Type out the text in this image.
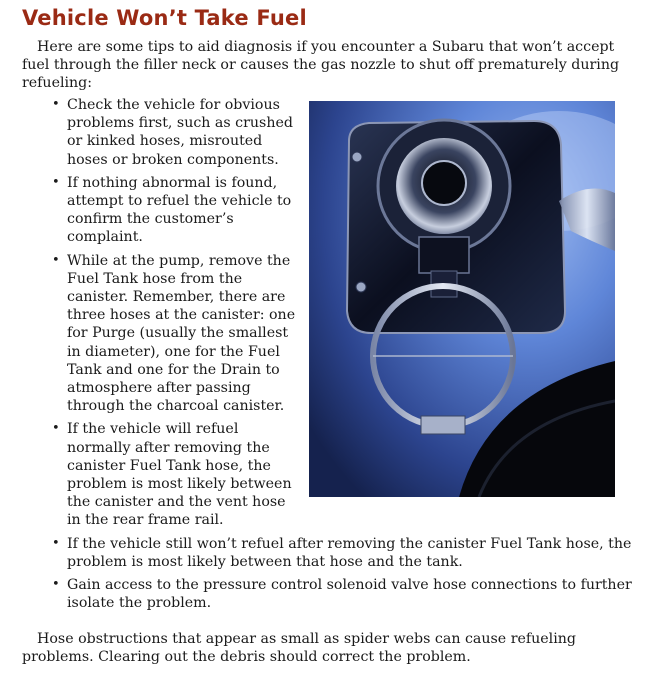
Vehicle Won’t Take Fuel

Here are some tips to aid diagnosis if you encounter a Subaru that won’t accept fuel through the filler neck or causes the gas nozzle to shut off prematurely during refueling:

• Check the vehicle for obvious problems first, such as crushed or kinked hoses, misrouted hoses or broken components.
• If nothing abnormal is found, attempt to refuel the vehicle to confirm the customer’s complaint.
• While at the pump, remove the Fuel Tank hose from the canister. Remember, there are three hoses at the canister: one for Purge (usually the smallest in diameter), one for the Fuel Tank and one for the Drain to atmosphere after passing through the charcoal canister.
• If the vehicle will refuel normally after removing the canister Fuel Tank hose, the problem is most likely between the canister and the vent hose in the rear frame rail.
• If the vehicle still won’t refuel after removing the canister Fuel Tank hose, the problem is most likely between that hose and the tank.
• Gain access to the pressure control solenoid valve hose connections to further isolate the problem.

Hose obstructions that appear as small as spider webs can cause refueling problems. Clearing out the debris should correct the problem.
